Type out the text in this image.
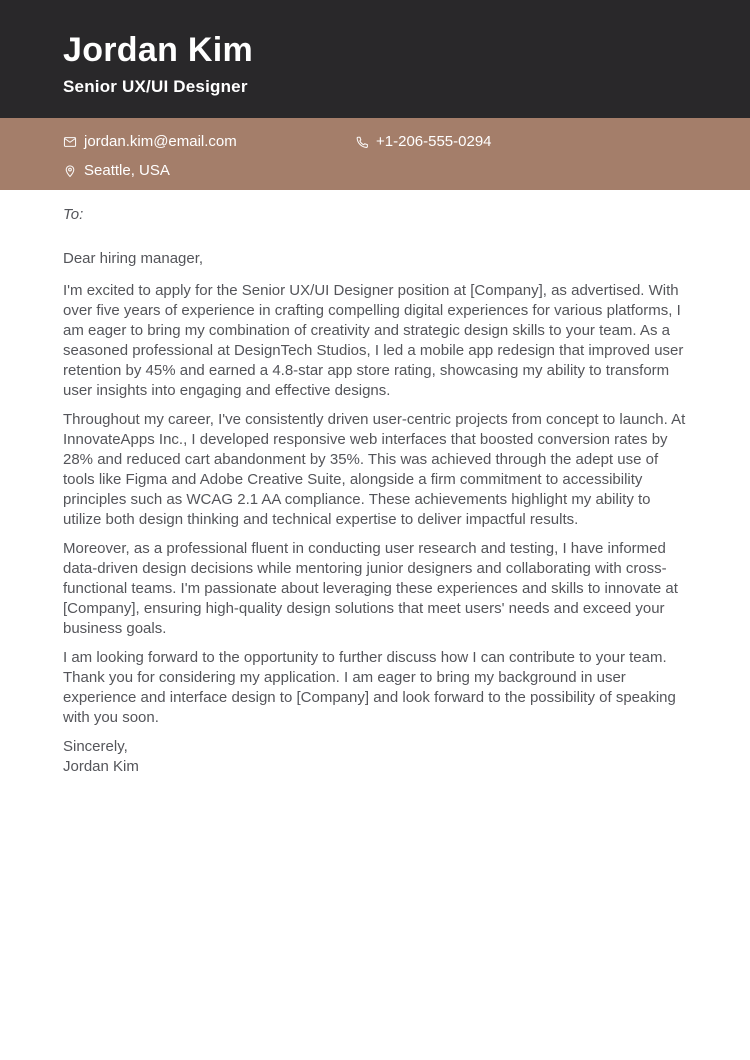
Jordan Kim
Senior UX/UI Designer
jordan.kim@email.com	+1-206-555-0294
Seattle, USA
To:
Dear hiring manager,

I'm excited to apply for the Senior UX/UI Designer position at [Company], as advertised. With over five years of experience in crafting compelling digital experiences for various platforms, I am eager to bring my combination of creativity and strategic design skills to your team. As a seasoned professional at DesignTech Studios, I led a mobile app redesign that improved user retention by 45% and earned a 4.8-star app store rating, showcasing my ability to transform user insights into engaging and effective designs.

Throughout my career, I've consistently driven user-centric projects from concept to launch. At InnovateApps Inc., I developed responsive web interfaces that boosted conversion rates by 28% and reduced cart abandonment by 35%. This was achieved through the adept use of tools like Figma and Adobe Creative Suite, alongside a firm commitment to accessibility principles such as WCAG 2.1 AA compliance. These achievements highlight my ability to utilize both design thinking and technical expertise to deliver impactful results.

Moreover, as a professional fluent in conducting user research and testing, I have informed data-driven design decisions while mentoring junior designers and collaborating with cross-functional teams. I'm passionate about leveraging these experiences and skills to innovate at [Company], ensuring high-quality design solutions that meet users' needs and exceed your business goals.

I am looking forward to the opportunity to further discuss how I can contribute to your team. Thank you for considering my application. I am eager to bring my background in user experience and interface design to [Company] and look forward to the possibility of speaking with you soon.

Sincerely,
Jordan Kim
